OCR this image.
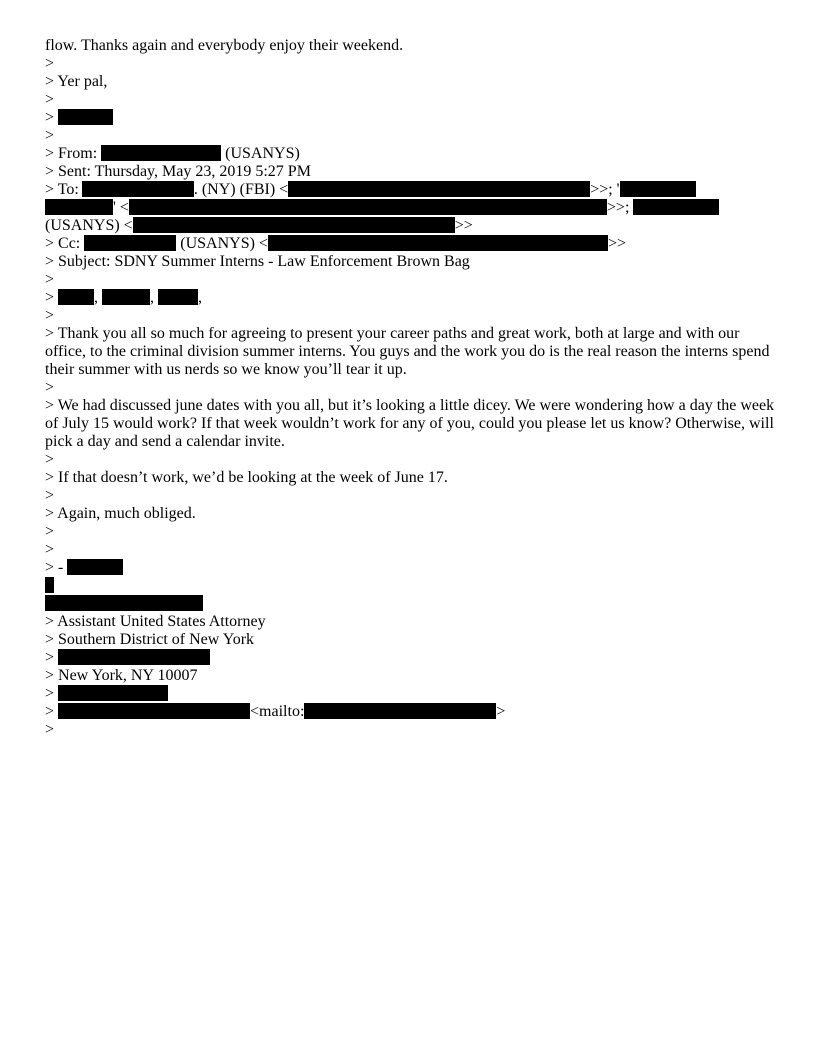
flow. Thanks again and everybody enjoy their weekend.
>
> Yer pal,
>
>
>
> From:	(USANYS)
> Sent: Thursday, May 23, 2019 5:27 PM
> To:	. (NY) (FBI) <	>>; '
' <	>>;
(USANYS) <	>>
> Cc:	(USANYS) <	>>
> Subject: SDNY Summer Interns - Law Enforcement Brown Bag
>
>	,	,	,
>
> Thank you all so much for agreeing to present your career paths and great work, both at large and with our office, to the criminal division summer interns. You guys and the work you do is the real reason the interns spend their summer with us nerds so we know you’ll tear it up.
>
> We had discussed june dates with you all, but it’s looking a little dicey. We were wondering how a day the week of July 15 would work? If that week wouldn’t work for any of you, could you please let us know? Otherwise, will pick a day and send a calendar invite.
>
> If that doesn’t work, we’d be looking at the week of June 17.
>
> Again, much obliged.
>
>
> -
> Assistant United States Attorney
> Southern District of New York
>
> New York, NY 10007
>
>	<mailto:	>
>
